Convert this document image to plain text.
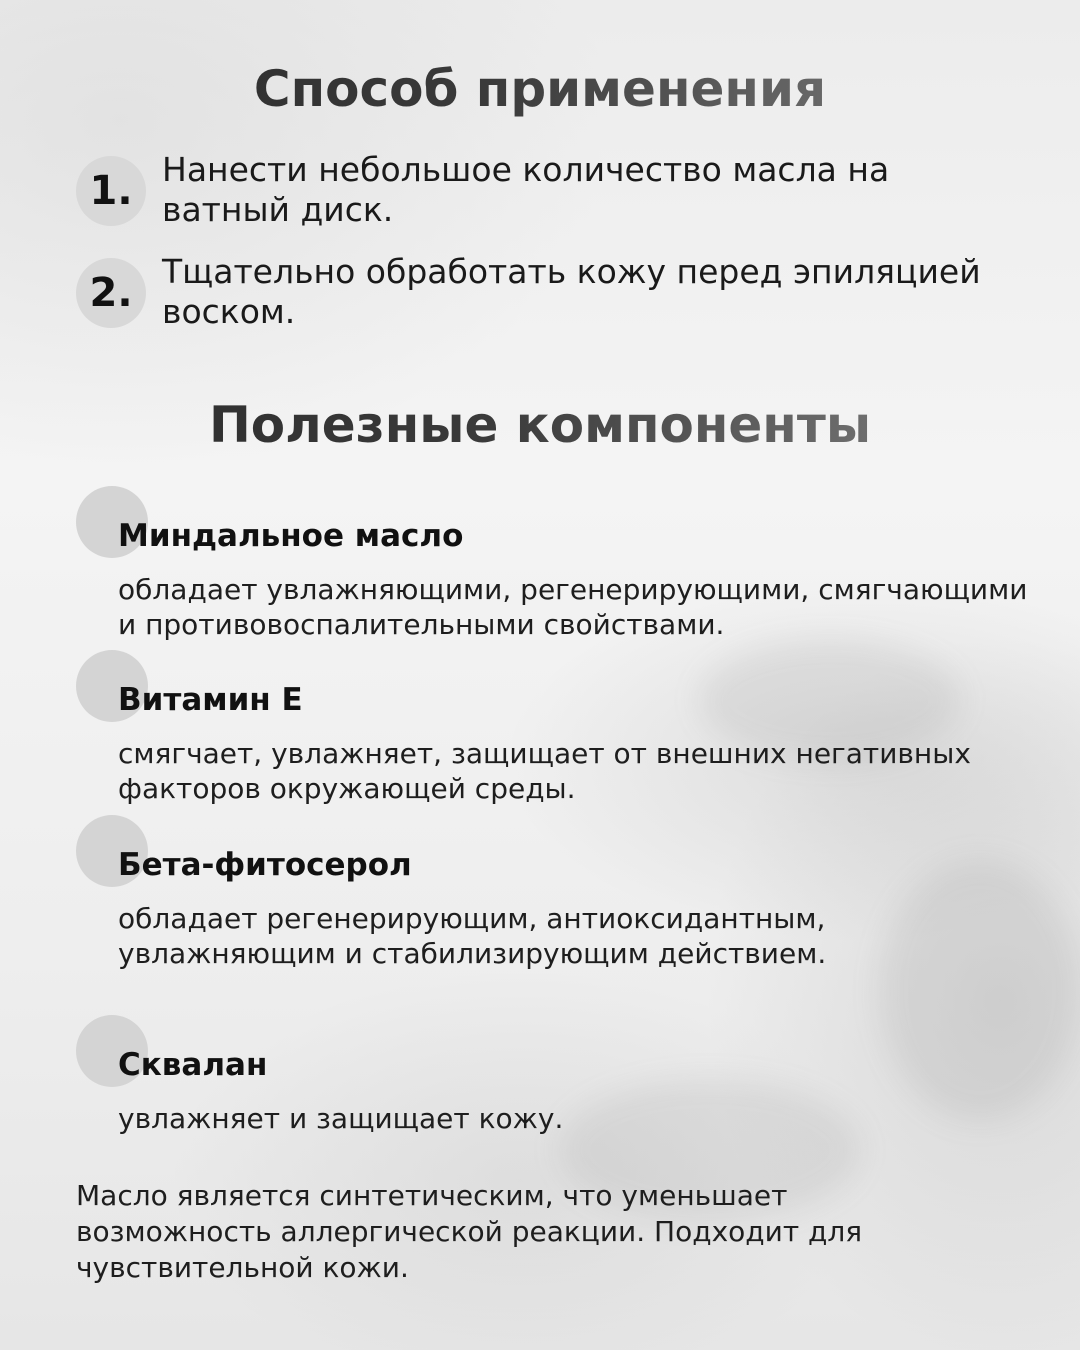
Способ применения
1. Нанести небольшое количество масла на ватный диск.
2. Тщательно обработать кожу перед эпиляцией воском.
Полезные компоненты
Миндальное масло
обладает увлажняющими, регенерирующими, смягчающими и противовоспалительными свойствами.
Витамин Е
смягчает, увлажняет, защищает от внешних негативных факторов окружающей среды.
Бета-фитосерол
обладает регенерирующим, антиоксидантным, увлажняющим и стабилизирующим действием.
Сквалан
увлажняет и защищает кожу.
Масло является синтетическим, что уменьшает возможность аллергической реакции. Подходит для чувствительной кожи.
